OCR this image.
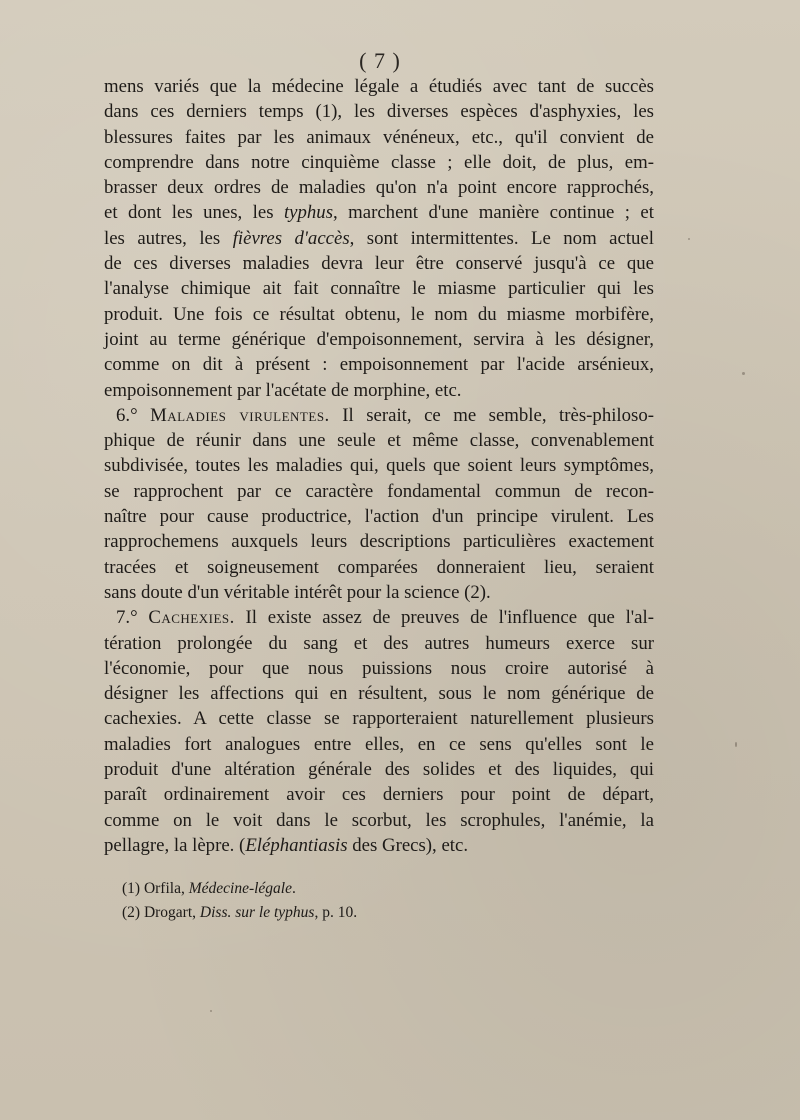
( 7 )
mens variés que la médecine légale a étudiés avec tant de succès
dans ces derniers temps (1), les diverses espèces d'asphyxies, les
blessures faites par les animaux vénéneux, etc., qu'il convient de
comprendre dans notre cinquième classe ; elle doit, de plus, em-
brasser deux ordres de maladies qu'on n'a point encore rapprochés,
et dont les unes, les typhus, marchent d'une manière continue ; et
les autres, les fièvres d'accès, sont intermittentes. Le nom actuel
de ces diverses maladies devra leur être conservé jusqu'à ce que
l'analyse chimique ait fait connaître le miasme particulier qui les
produit. Une fois ce résultat obtenu, le nom du miasme morbifère,
joint au terme générique d'empoisonnement, servira à les désigner,
comme on dit à présent : empoisonnement par l'acide arsénieux,
empoisonnement par l'acétate de morphine, etc.
6.° Maladies virulentes. Il serait, ce me semble, très-philoso-
phique de réunir dans une seule et même classe, convenablement
subdivisée, toutes les maladies qui, quels que soient leurs symptômes,
se rapprochent par ce caractère fondamental commun de recon-
naître pour cause productrice, l'action d'un principe virulent. Les
rapprochemens auxquels leurs descriptions particulières exactement
tracées et soigneusement comparées donneraient lieu, seraient
sans doute d'un véritable intérêt pour la science (2).
7.° Cachexies. Il existe assez de preuves de l'influence que l'al-
tération prolongée du sang et des autres humeurs exerce sur
l'économie, pour que nous puissions nous croire autorisé à
désigner les affections qui en résultent, sous le nom générique de
cachexies. A cette classe se rapporteraient naturellement plusieurs
maladies fort analogues entre elles, en ce sens qu'elles sont le
produit d'une altération générale des solides et des liquides, qui
paraît ordinairement avoir ces derniers pour point de départ,
comme on le voit dans le scorbut, les scrophules, l'anémie, la
pellagre, la lèpre. (Eléphantiasis des Grecs), etc.
(1) Orfila, Médecine-légale.
(2) Drogart, Diss. sur le typhus, p. 10.
